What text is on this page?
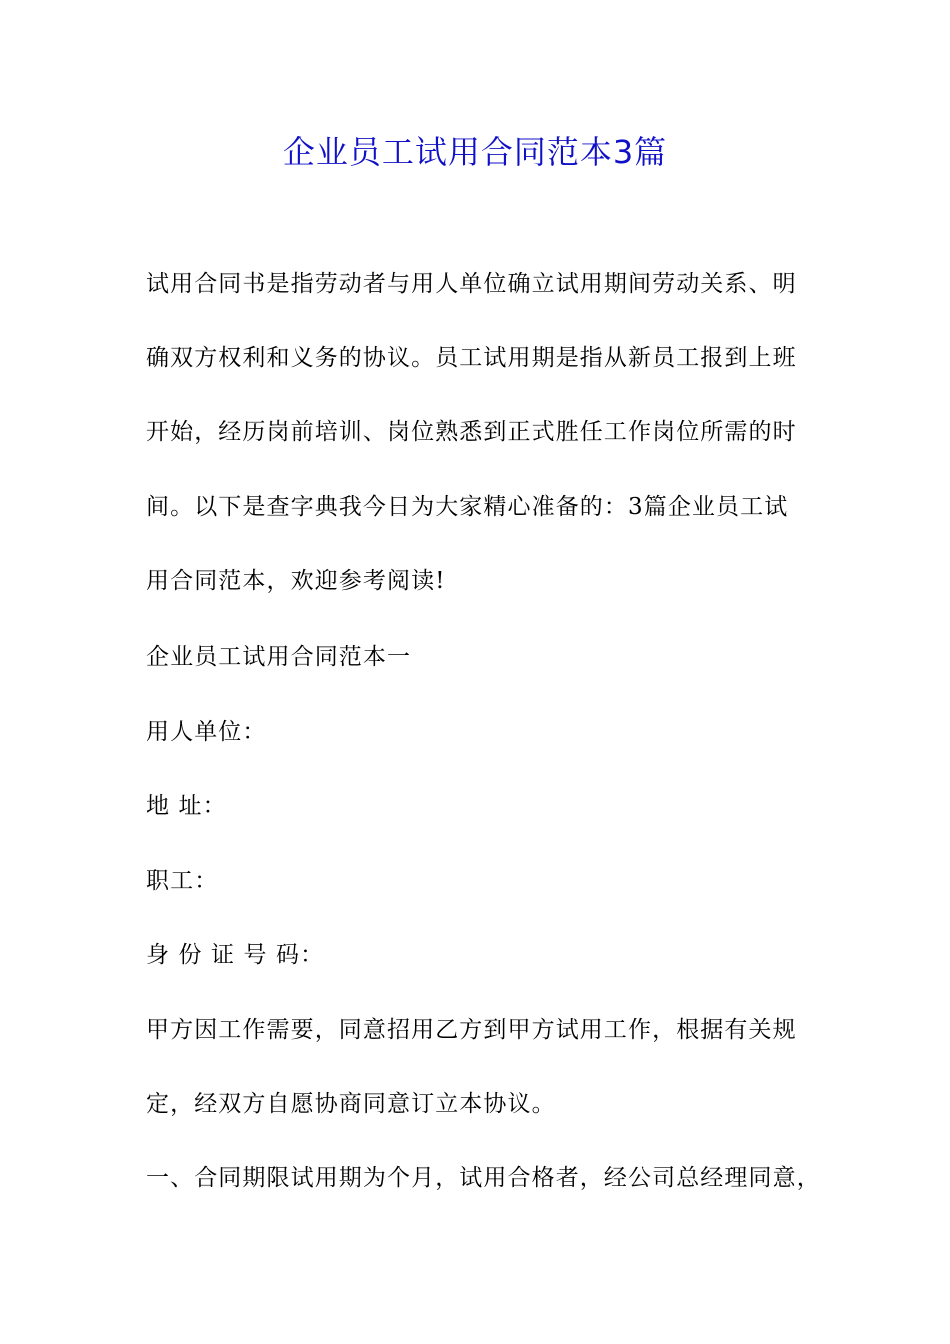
企业员工试用合同范本3篇

试用合同书是指劳动者与用人单位确立试用期间劳动关系、明

确双方权利和义务的协议。员工试用期是指从新员工报到上班

开始，经历岗前培训、岗位熟悉到正式胜任工作岗位所需的时

间。以下是查字典我今日为大家精心准备的：3篇企业员工试

用合同范本，欢迎参考阅读!

企业员工试用合同范本一

用人单位：

地 址：

职工：

身 份 证 号 码：

甲方因工作需要，同意招用乙方到甲方试用工作，根据有关规

定，经双方自愿协商同意订立本协议。

一、合同期限试用期为个月，试用合格者，经公司总经理同意，
